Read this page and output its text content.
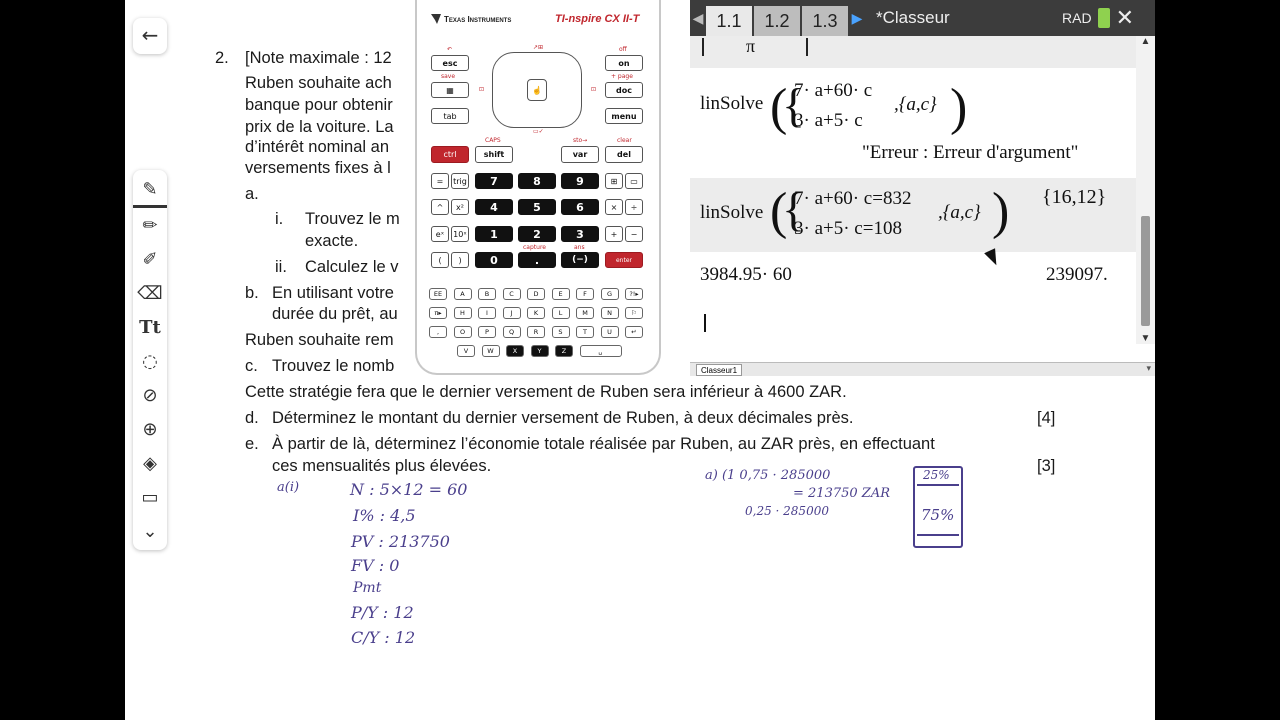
←
✎
✏
✐
⌫
Tt
◌
⊘
⊕
◈
▭
⌄
2. [Note maximale : 12
Ruben souhaite ach
banque pour obtenir
prix de la voiture. La
d’intérêt nominal an
versements fixes à l
a.
i. Trouvez le m
exacte.
ii. Calculez le v
b. En utilisant votre
durée du prêt, au
Ruben souhaite rem
c. Trouvez le nomb
Cette stratégie fera que le dernier versement de Ruben sera inférieur à 4600 ZAR.
d. Déterminez le montant du dernier versement de Ruben, à deux décimales près.	[4]
e. À partir de là, déterminez l’économie totale réalisée par Ruben, au ZAR près, en effectuant
ces mensualités plus élevées.	[3]
a(i)	N : 5×12 = 60
I% : 4,5
PV : 213750
FV : 0
Pmt
P/Y : 12
C/Y : 12
a) (1 0,75 · 285000
= 213750 ZAR
0,25 · 285000
25%
75%
Texas Instruments	TI-nspire CX II-T
↶
esc
save
▦
tab
off
on
+ page
doc
menu
⊡	⊡
↗⊞
▭✓
☝
CAPS	sto→	clear
ctrl	shift	var	del
=	trig
^	x²
eˣ	10ˣ
(	)
7	8	9
4	5	6
1	2	3
0	.	(−)
capture	ans
⊞	▭
×	÷
+	−
enter
EE	A	B	C	D	E	F	G	?!▸
π▸	H	I	J	K	L	M	N	⚐
,	O	P	Q	R	S	T	U	↵
V	W	X	Y	Z	␣
◀ 1.1	1.2	1.3	▶ *Classeur	RAD ✕
π
linSolve (
{
7· a+60· c
3· a+5· c
,{a,c} )
"Erreur : Erreur d'argument"
linSolve (
{
7· a+60· c=832
3· a+5· c=108
,{a,c} ) {16,12}
3984.95· 60	239097.
▲
▼
Classeur1	▾
